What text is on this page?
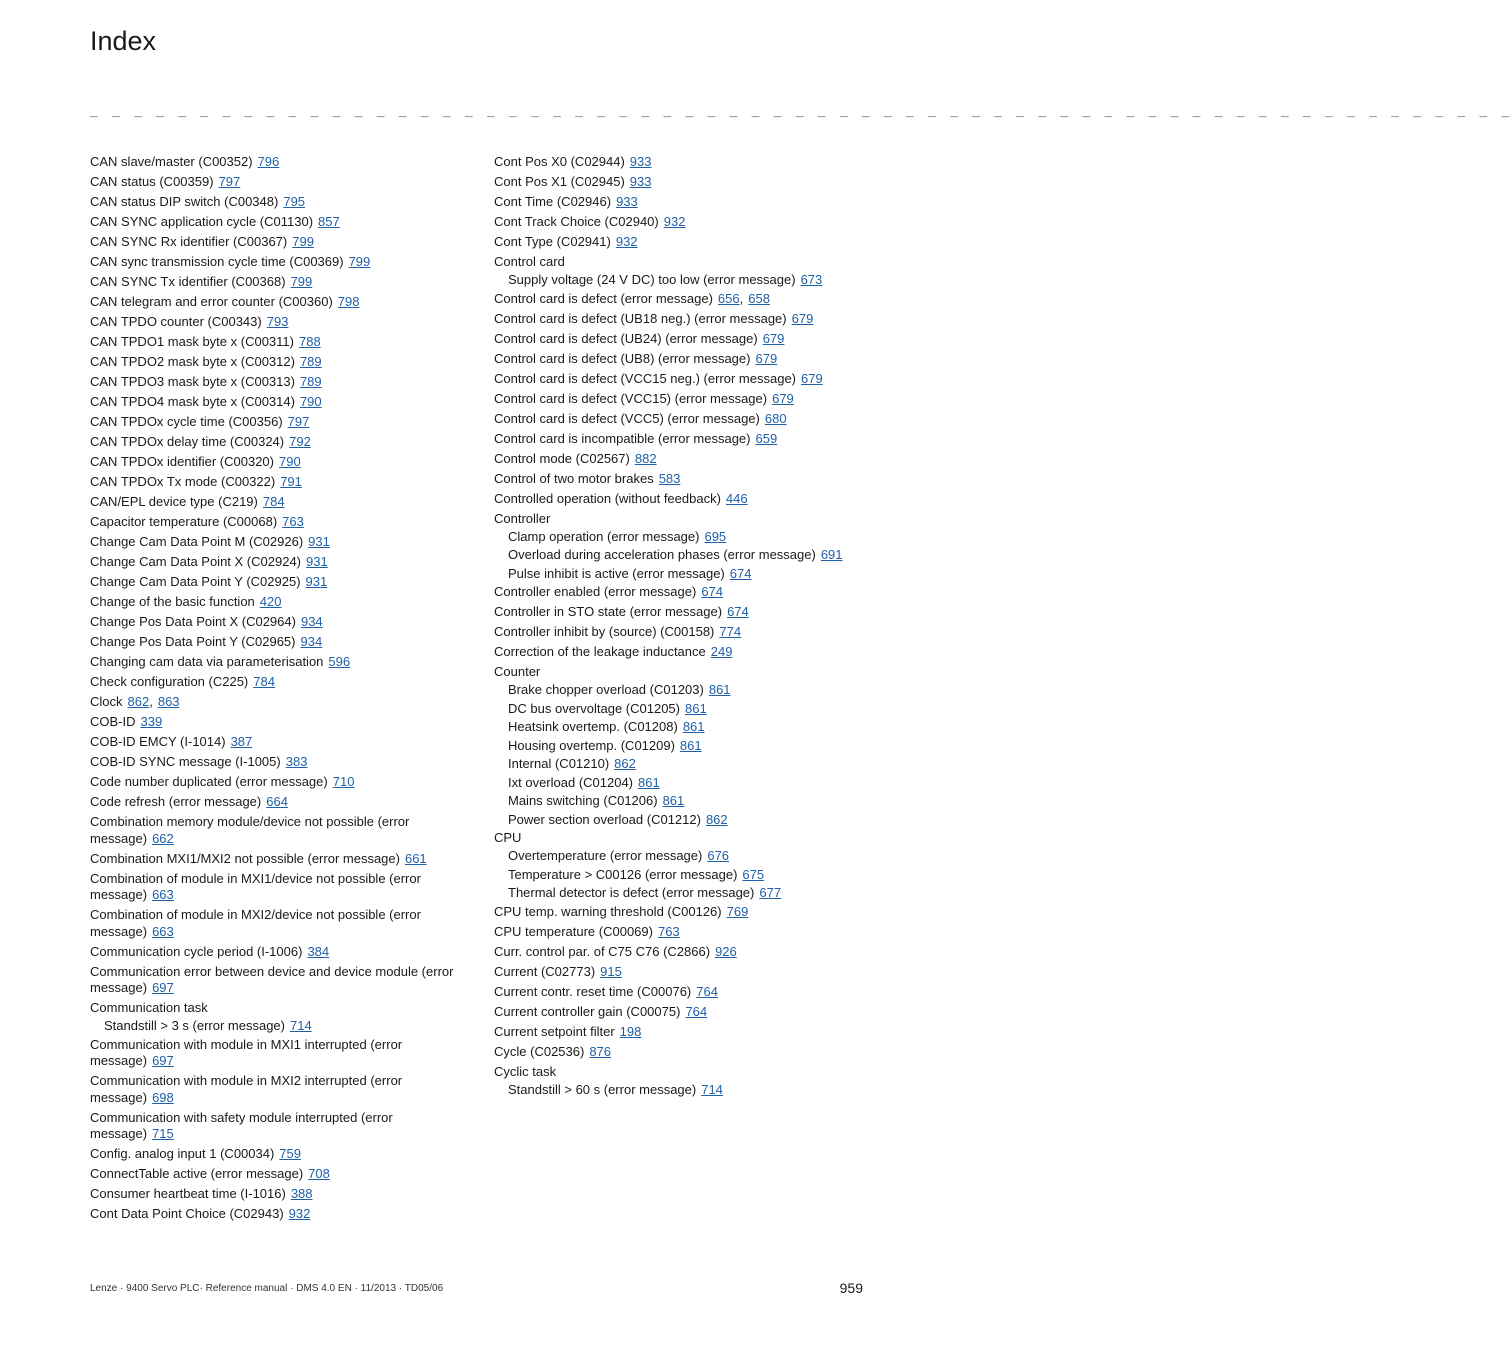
Index
_ _ _ _ _ _ _ _ _ _ _ _ _ _ _ _ _ _ _ _ _ _ _ _ _ _ _ _ _ _ _ _ _ _ _ _ _ _ _ _ _ _ _ _ _ _ _ _ _ _ _ _ _ _ _ _ _ _ _ _ _ _ _ _ _
CAN slave/master (C00352) 796
CAN status (C00359) 797
CAN status DIP switch (C00348) 795
CAN SYNC application cycle (C01130) 857
CAN SYNC Rx identifier (C00367) 799
CAN sync transmission cycle time (C00369) 799
CAN SYNC Tx identifier (C00368) 799
CAN telegram and error counter (C00360) 798
CAN TPDO counter (C00343) 793
CAN TPDO1 mask byte x (C00311) 788
CAN TPDO2 mask byte x (C00312) 789
CAN TPDO3 mask byte x (C00313) 789
CAN TPDO4 mask byte x (C00314) 790
CAN TPDOx cycle time (C00356) 797
CAN TPDOx delay time (C00324) 792
CAN TPDOx identifier (C00320) 790
CAN TPDOx Tx mode (C00322) 791
CAN/EPL device type (C219) 784
Capacitor temperature (C00068) 763
Change Cam Data Point M (C02926) 931
Change Cam Data Point X (C02924) 931
Change Cam Data Point Y (C02925) 931
Change of the basic function 420
Change Pos Data Point X (C02964) 934
Change Pos Data Point Y (C02965) 934
Changing cam data via parameterisation 596
Check configuration (C225) 784
Clock 862, 863
COB-ID 339
COB-ID EMCY (I-1014) 387
COB-ID SYNC message (I-1005) 383
Code number duplicated (error message) 710
Code refresh (error message) 664
Combination memory module/device not possible (error message) 662
Combination MXI1/MXI2 not possible (error message) 661
Combination of module in MXI1/device not possible (error message) 663
Combination of module in MXI2/device not possible (error message) 663
Communication cycle period (I-1006) 384
Communication error between device and device module (error message) 697
Communication task
Standstill > 3 s (error message) 714
Communication with module in MXI1 interrupted (error message) 697
Communication with module in MXI2 interrupted (error message) 698
Communication with safety module interrupted (error message) 715
Config. analog input 1 (C00034) 759
ConnectTable active (error message) 708
Consumer heartbeat time (I-1016) 388
Cont Data Point Choice (C02943) 932
Cont Pos X0 (C02944) 933
Cont Pos X1 (C02945) 933
Cont Time (C02946) 933
Cont Track Choice (C02940) 932
Cont Type (C02941) 932
Control card
Supply voltage (24 V DC) too low (error message) 673
Control card is defect (error message) 656, 658
Control card is defect (UB18 neg.) (error message) 679
Control card is defect (UB24) (error message) 679
Control card is defect (UB8) (error message) 679
Control card is defect (VCC15 neg.) (error message) 679
Control card is defect (VCC15) (error message) 679
Control card is defect (VCC5) (error message) 680
Control card is incompatible (error message) 659
Control mode (C02567) 882
Control of two motor brakes 583
Controlled operation (without feedback) 446
Controller
Clamp operation (error message) 695
Overload during acceleration phases (error message) 691
Pulse inhibit is active (error message) 674
Controller enabled (error message) 674
Controller in STO state (error message) 674
Controller inhibit by (source) (C00158) 774
Correction of the leakage inductance 249
Counter
Brake chopper overload (C01203) 861
DC bus overvoltage (C01205) 861
Heatsink overtemp. (C01208) 861
Housing overtemp. (C01209) 861
Internal (C01210) 862
Ixt overload (C01204) 861
Mains switching (C01206) 861
Power section overload (C01212) 862
CPU
Overtemperature (error message) 676
Temperature > C00126 (error message) 675
Thermal detector is defect (error message) 677
CPU temp. warning threshold (C00126) 769
CPU temperature (C00069) 763
Curr. control par. of C75 C76 (C2866) 926
Current (C02773) 915
Current contr. reset time (C00076) 764
Current controller gain (C00075) 764
Current setpoint filter 198
Cycle (C02536) 876
Cyclic task
Standstill > 60 s (error message) 714
Lenze · 9400 Servo PLC· Reference manual · DMS 4.0 EN · 11/2013 · TD05/06	959
